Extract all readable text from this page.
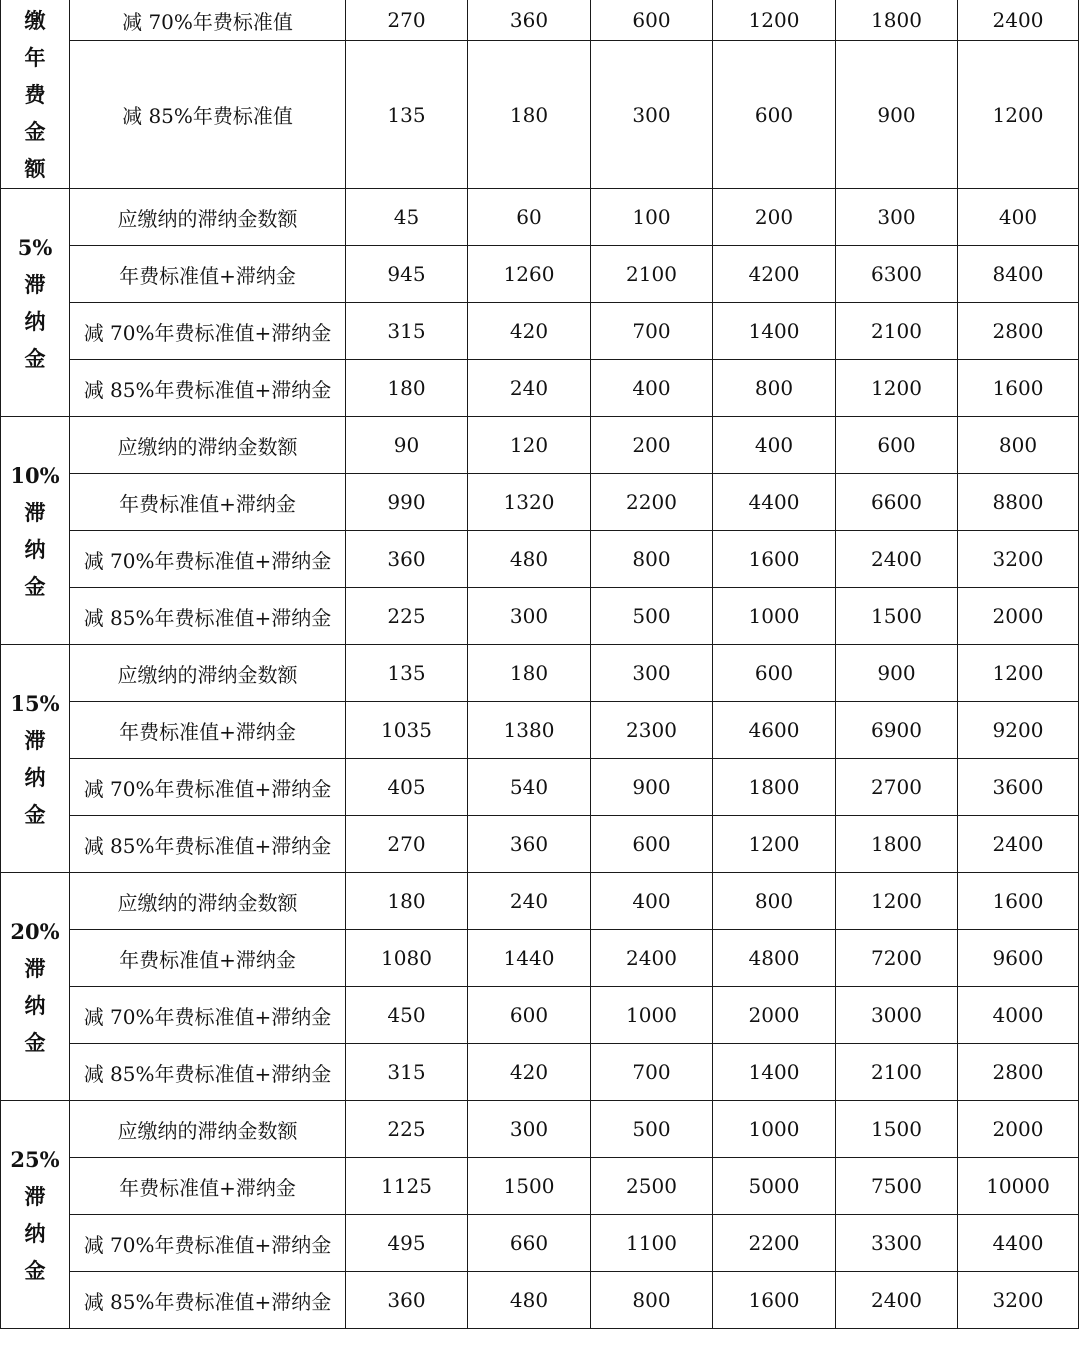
缴
年
费
金
额	减 70%年费标准值	270	360	600	1200	1800	2400
	减 85%年费标准值	135	180	300	600	900	1200

5%
滞
纳
金	应缴纳的滞纳金数额	45	60	100	200	300	400
	年费标准值+滞纳金	945	1260	2100	4200	6300	8400
	减 70%年费标准值+滞纳金	315	420	700	1400	2100	2800
	减 85%年费标准值+滞纳金	180	240	400	800	1200	1600

10%
滞
纳
金	应缴纳的滞纳金数额	90	120	200	400	600	800
	年费标准值+滞纳金	990	1320	2200	4400	6600	8800
	减 70%年费标准值+滞纳金	360	480	800	1600	2400	3200
	减 85%年费标准值+滞纳金	225	300	500	1000	1500	2000

15%
滞
纳
金	应缴纳的滞纳金数额	135	180	300	600	900	1200
	年费标准值+滞纳金	1035	1380	2300	4600	6900	9200
	减 70%年费标准值+滞纳金	405	540	900	1800	2700	3600
	减 85%年费标准值+滞纳金	270	360	600	1200	1800	2400

20%
滞
纳
金	应缴纳的滞纳金数额	180	240	400	800	1200	1600
	年费标准值+滞纳金	1080	1440	2400	4800	7200	9600
	减 70%年费标准值+滞纳金	450	600	1000	2000	3000	4000
	减 85%年费标准值+滞纳金	315	420	700	1400	2100	2800

25%
滞
纳
金	应缴纳的滞纳金数额	225	300	500	1000	1500	2000
	年费标准值+滞纳金	1125	1500	2500	5000	7500	10000
	减 70%年费标准值+滞纳金	495	660	1100	2200	3300	4400
	减 85%年费标准值+滞纳金	360	480	800	1600	2400	3200
